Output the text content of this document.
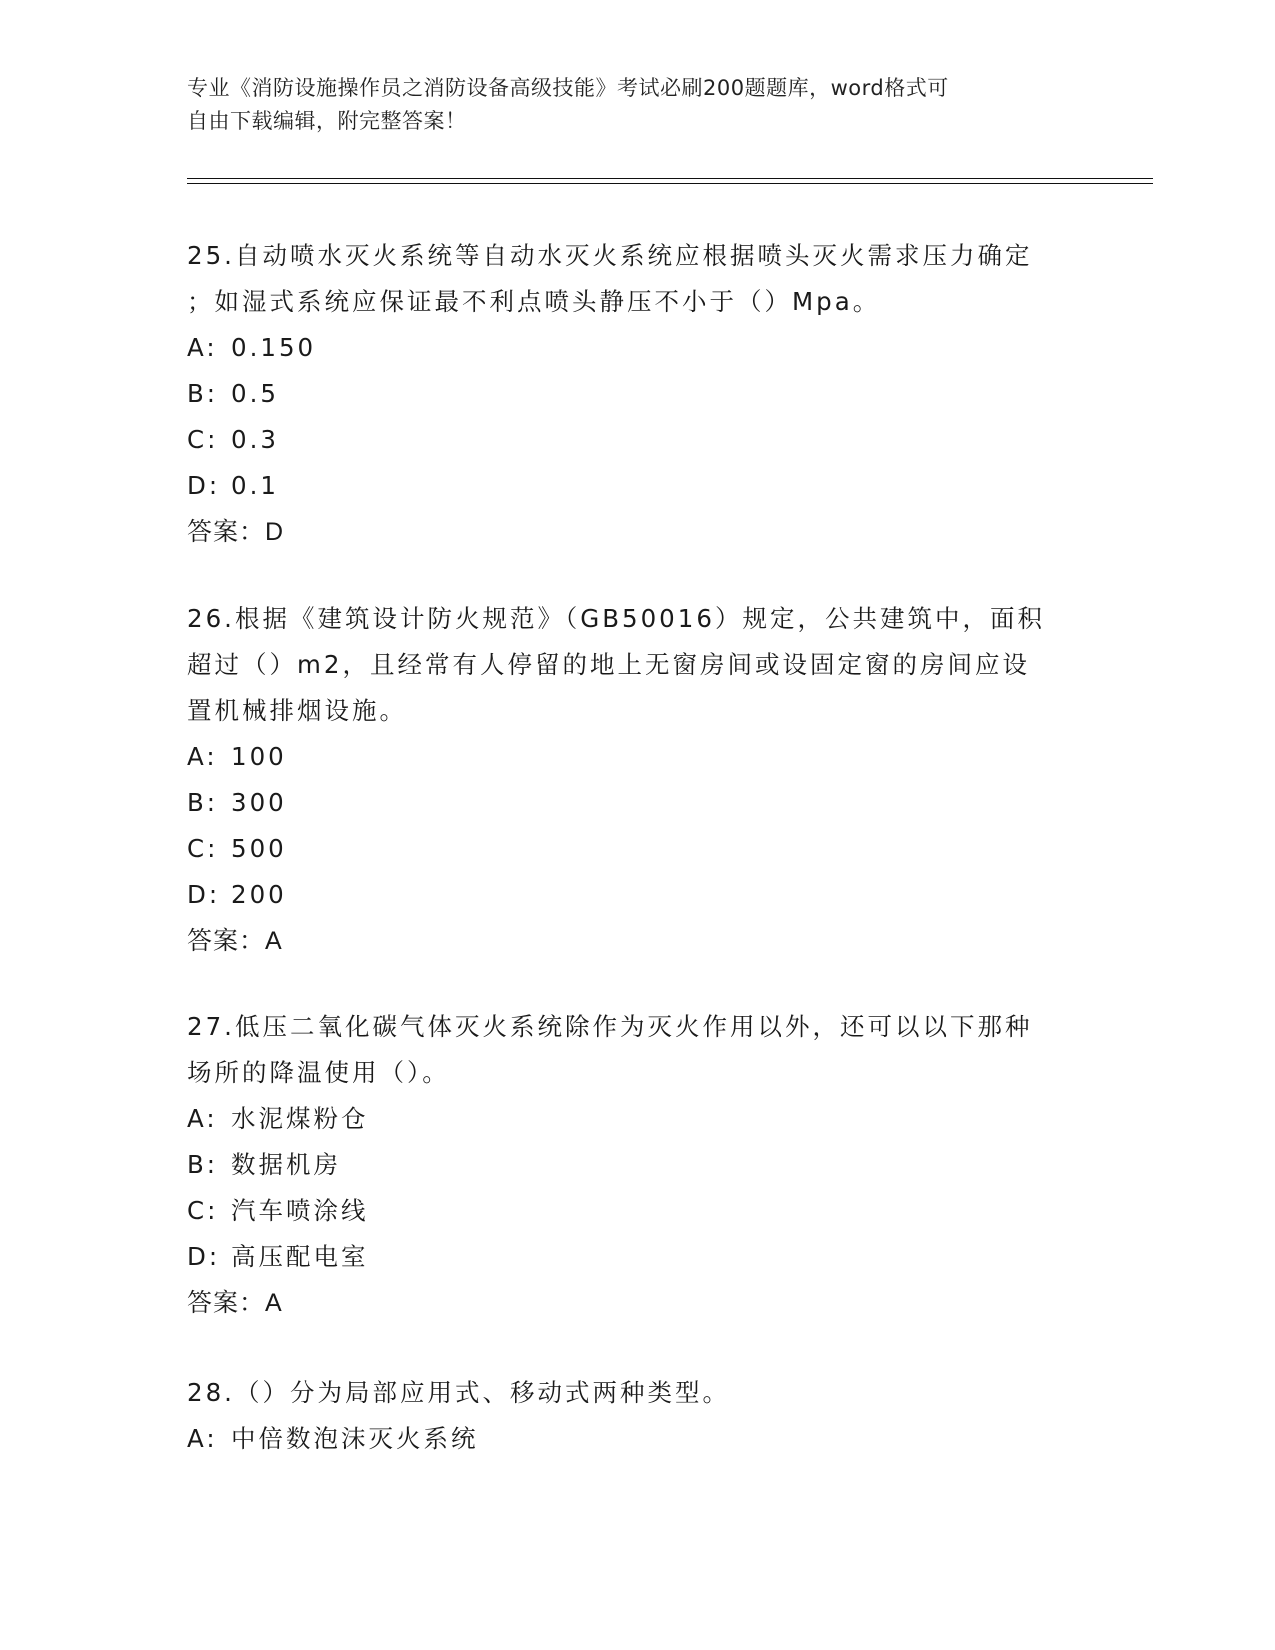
专业《消防设施操作员之消防设备高级技能》考试必刷200题题库，word格式可
自由下载编辑，附完整答案！

25.自动喷水灭火系统等自动水灭火系统应根据喷头灭火需求压力确定

；如湿式系统应保证最不利点喷头静压不小于（）Mpa。

A: 0.150

B: 0.5

C: 0.3

D: 0.1

答案：D

26.根据《建筑设计防火规范》（GB50016）规定，公共建筑中，面积

超过（）m2，且经常有人停留的地上无窗房间或设固定窗的房间应设

置机械排烟设施。

A: 100

B: 300

C: 500

D: 200

答案：A

27.低压二氧化碳气体灭火系统除作为灭火作用以外，还可以以下那种

场所的降温使用（）。

A: 水泥煤粉仓

B: 数据机房

C: 汽车喷涂线

D: 高压配电室

答案：A

28.（）分为局部应用式、移动式两种类型。

A: 中倍数泡沫灭火系统
